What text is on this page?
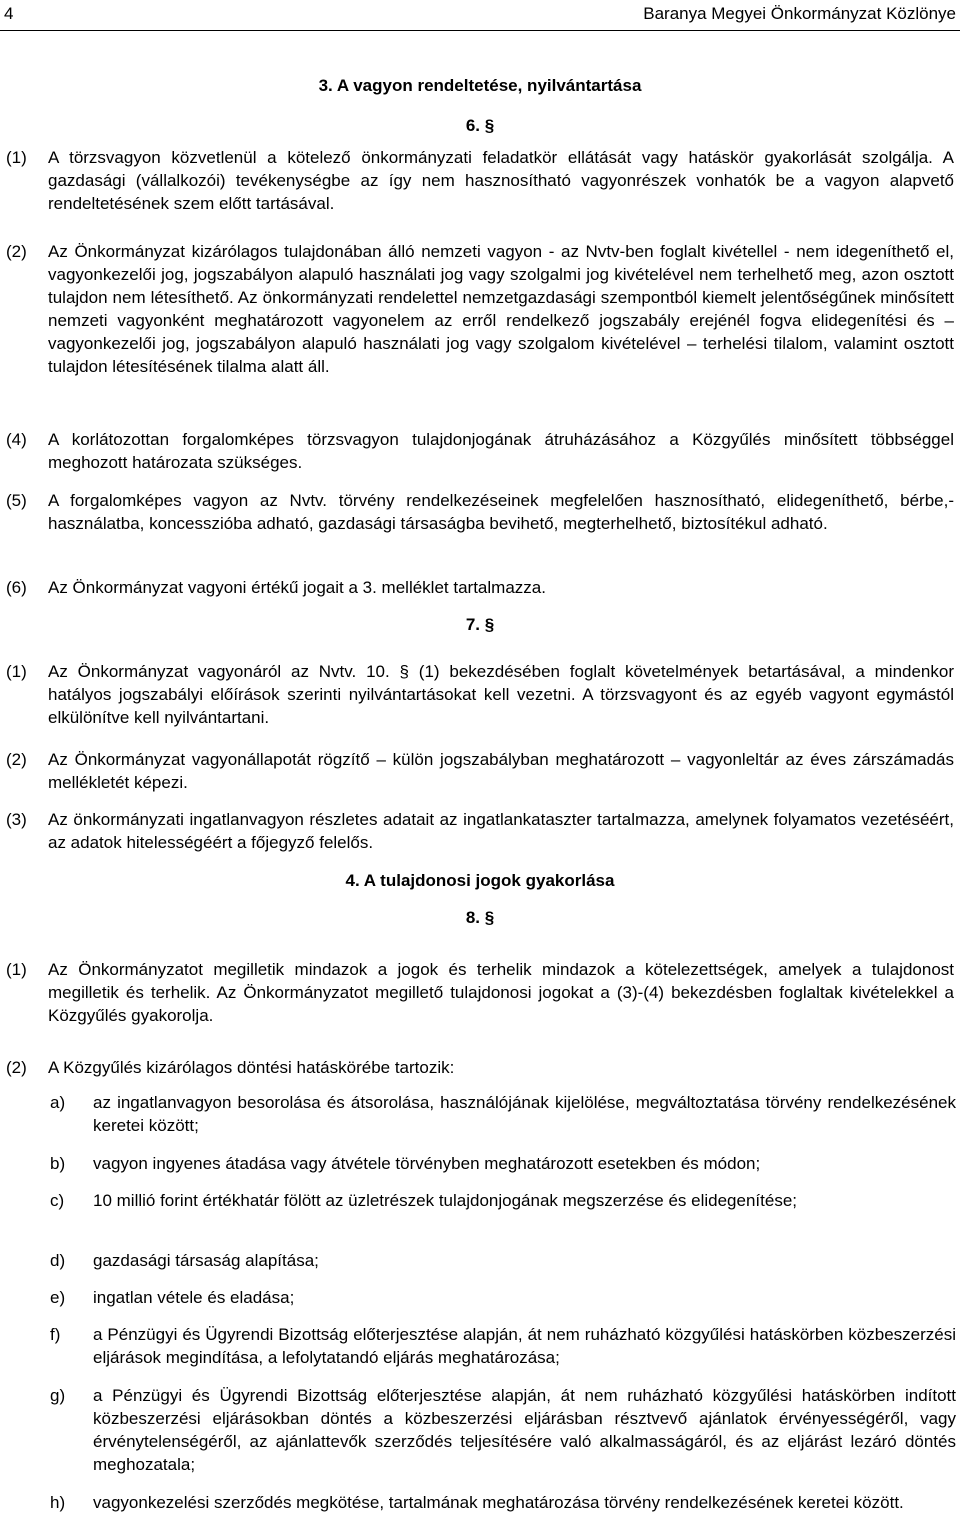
4	Baranya Megyei Önkormányzat Közlönye
3. A vagyon rendeltetése, nyilvántartása
6. §
(1) A törzsvagyon közvetlenül a kötelező önkormányzati feladatkör ellátását vagy hatáskör gyakorlását szolgálja. A gazdasági (vállalkozói) tevékenységbe az így nem hasznosítható vagyonrészek vonhatók be a vagyon alapvető rendeltetésének szem előtt tartásával.
(2) Az Önkormányzat kizárólagos tulajdonában álló nemzeti vagyon - az Nvtv-ben foglalt kivétellel - nem idegeníthető el, vagyonkezelői jog, jogszabályon alapuló használati jog vagy szolgalmi jog kivételével nem terhelhető meg, azon osztott tulajdon nem létesíthető. Az önkormányzati rendelettel nemzetgazdasági szempontból kiemelt jelentőségűnek minősített nemzeti vagyonként meghatározott vagyonelem az erről rendelkező jogszabály erejénél fogva elidegenítési és – vagyonkezelői jog, jogszabályon alapuló használati jog vagy szolgalom kivételével – terhelési tilalom, valamint osztott tulajdon létesítésének tilalma alatt áll.
(4) A korlátozottan forgalomképes törzsvagyon tulajdonjogának átruházásához a Közgyűlés minősített többséggel meghozott határozata szükséges.
(5) A forgalomképes vagyon az Nvtv. törvény rendelkezéseinek megfelelően hasznosítható, elidegeníthető, bérbe,- használatba, koncesszióba adható, gazdasági társaságba bevihető, megterhelhető, biztosítékul adható.
(6) Az Önkormányzat vagyoni értékű jogait a 3. melléklet tartalmazza.
7. §
(1) Az Önkormányzat vagyonáról az Nvtv. 10. § (1) bekezdésében foglalt követelmények betartásával, a mindenkor hatályos jogszabályi előírások szerinti nyilvántartásokat kell vezetni. A törzsvagyont és az egyéb vagyont egymástól elkülönítve kell nyilvántartani.
(2) Az Önkormányzat vagyonállapotát rögzítő – külön jogszabályban meghatározott – vagyonleltár az éves zárszámadás mellékletét képezi.
(3) Az önkormányzati ingatlanvagyon részletes adatait az ingatlankataszter tartalmazza, amelynek folyamatos vezetéséért, az adatok hitelességéért a főjegyző felelős.
4. A tulajdonosi jogok gyakorlása
8. §
(1) Az Önkormányzatot megilletik mindazok a jogok és terhelik mindazok a kötelezettségek, amelyek a tulajdonost megilletik és terhelik. Az Önkormányzatot megillető tulajdonosi jogokat a (3)-(4) bekezdésben foglaltak kivételekkel a Közgyűlés gyakorolja.
(2) A Közgyűlés kizárólagos döntési hatáskörébe tartozik:
a) az ingatlanvagyon besorolása és átsorolása, használójának kijelölése, megváltoztatása törvény rendelkezésének keretei között;
b) vagyon ingyenes átadása vagy átvétele törvényben meghatározott esetekben és módon;
c) 10 millió forint értékhatár fölött az üzletrészek tulajdonjogának megszerzése és elidegenítése;
d) gazdasági társaság alapítása;
e) ingatlan vétele és eladása;
f) a Pénzügyi és Ügyrendi Bizottság előterjesztése alapján, át nem ruházható közgyűlési hatáskörben közbeszerzési eljárások megindítása, a lefolytatandó eljárás meghatározása;
g) a Pénzügyi és Ügyrendi Bizottság előterjesztése alapján, át nem ruházható közgyűlési hatáskörben indított közbeszerzési eljárásokban döntés a közbeszerzési eljárásban résztvevő ajánlatok érvényességéről, vagy érvénytelenségéről, az ajánlattevők szerződés teljesítésére való alkalmasságáról, és az eljárást lezáró döntés meghozatala;
h) vagyonkezelési szerződés megkötése, tartalmának meghatározása törvény rendelkezésének keretei között.
